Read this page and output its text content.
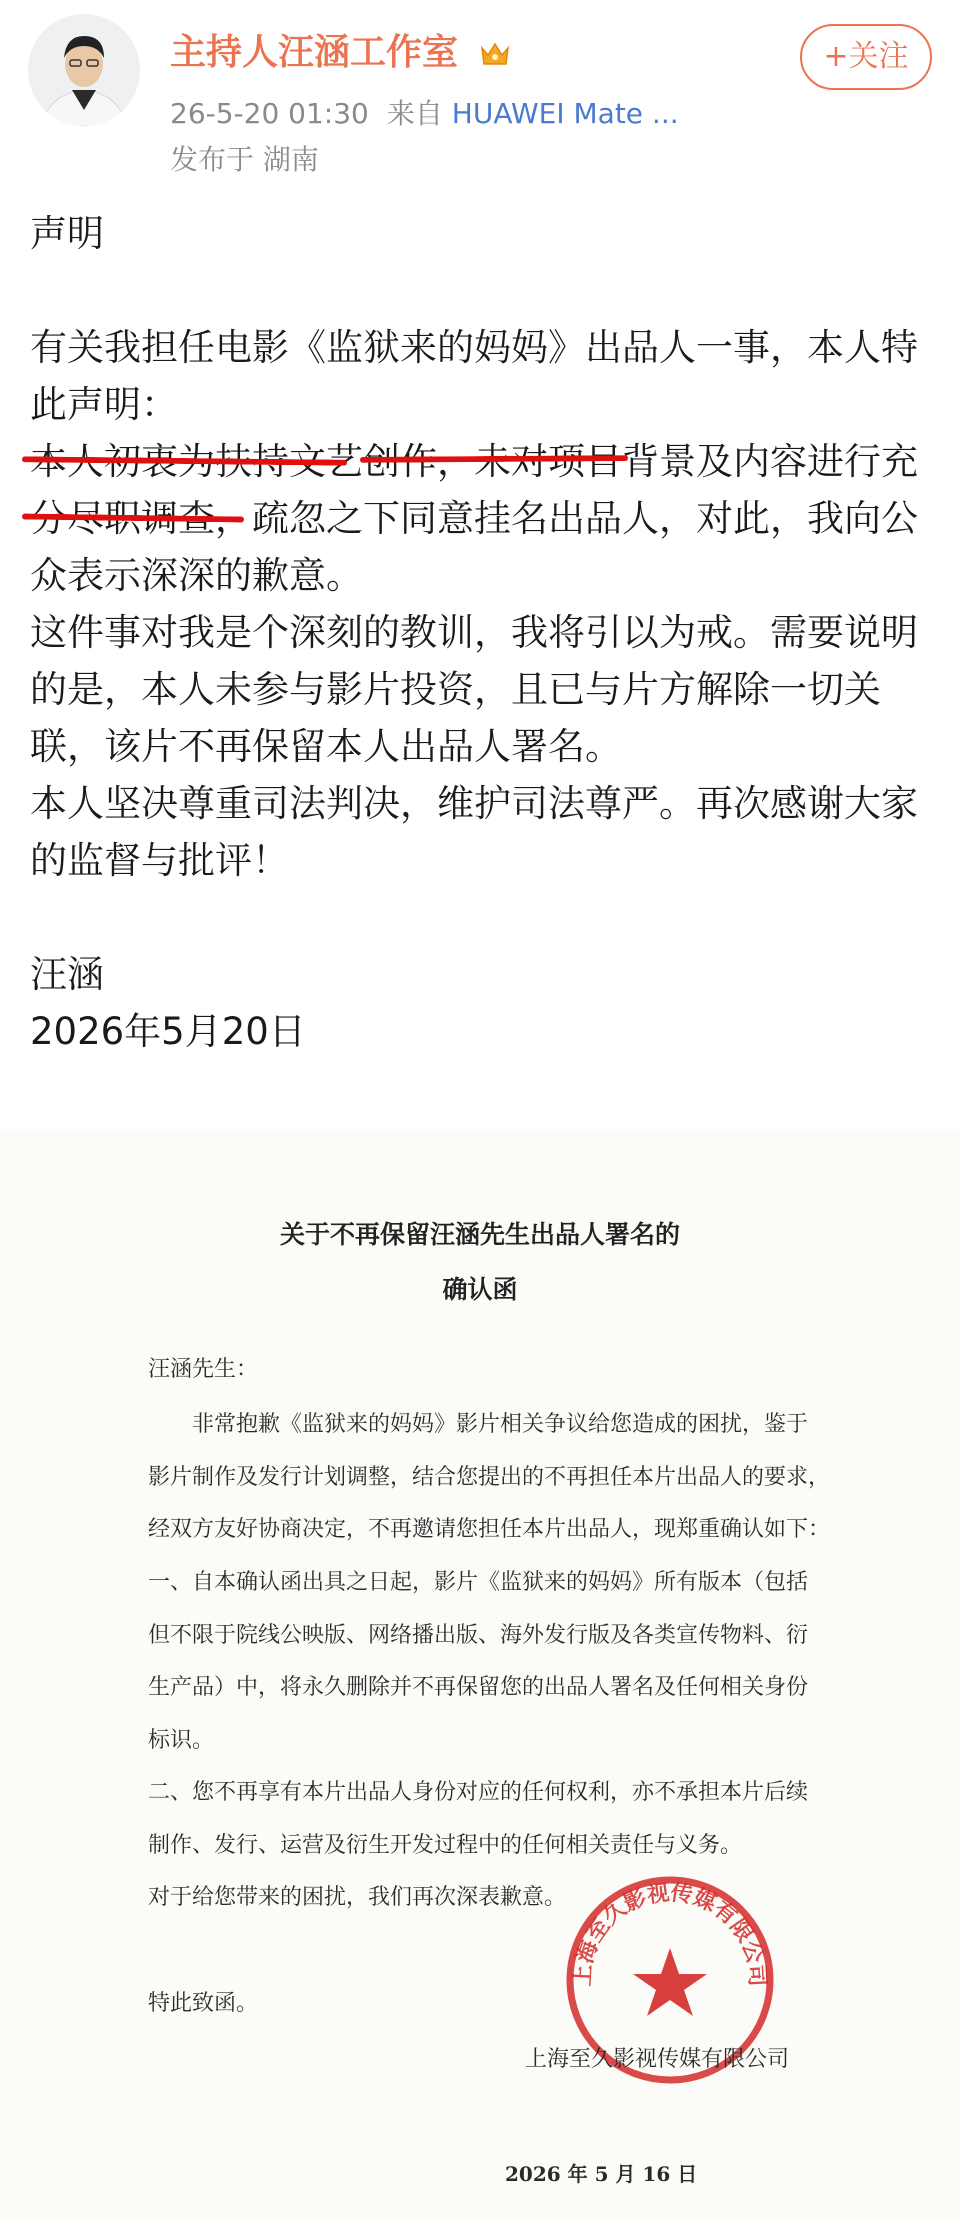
主持人汪涵工作室
26-5-20 01:30 来自 HUAWEI Mate ...
发布于 湖南
+关注

声明

有关我担任电影《监狱来的妈妈》出品人一事，本人特此声明：
本人初衷为扶持文艺创作，未对项目背景及内容进行充分尽职调查，疏忽之下同意挂名出品人，对此，我向公众表示深深的歉意。

这件事对我是个深刻的教训，我将引以为戒。需要说明的是，本人未参与影片投资，且已与片方解除一切关联，该片不再保留本人出品人署名。

本人坚决尊重司法判决，维护司法尊严。再次感谢大家的监督与批评！

汪涵

2026年5月20日

关于不再保留汪涵先生出品人署名的
确认函
汪涵先生：
　　非常抱歉《监狱来的妈妈》影片相关争议给您造成的困扰，鉴于
影片制作及发行计划调整，结合您提出的不再担任本片出品人的要求，
经双方友好协商决定，不再邀请您担任本片出品人，现郑重确认如下：
一、自本确认函出具之日起，影片《监狱来的妈妈》所有版本（包括
但不限于院线公映版、网络播出版、海外发行版及各类宣传物料、衍
生产品）中，将永久删除并不再保留您的出品人署名及任何相关身份
标识。
二、您不再享有本片出品人身份对应的任何权利，亦不承担本片后续
制作、发行、运营及衍生开发过程中的任何相关责任与义务。
对于给您带来的困扰，我们再次深表歉意。
特此致函。
上海至久影视传媒有限公司
上海至久影视传媒有限公司
2026 年 5 月 16 日
